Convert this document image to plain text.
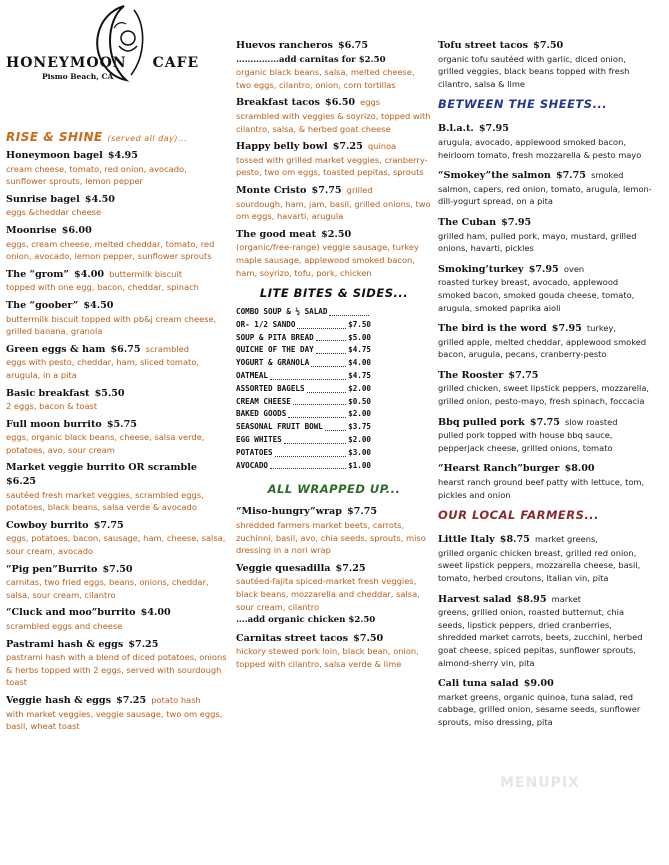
HONEYMOON CAFE
Pismo Beach, CA
RISE & SHINE (served all day)...
Honeymoon bagel $4.95
cream cheese, tomato, red onion, avocado, sunflower sprouts, lemon pepper
Sunrise bagel $4.50
eggs &cheddar cheese
Moonrise $6.00
eggs, cream cheese, melted cheddar, tomato, red onion, avocado, lemon pepper, sunflower sprouts
The “grom” $4.00 buttermilk biscuit
topped with one egg, bacon, cheddar, spinach
The “goober” $4.50
buttermilk biscuit topped with pb&j cream cheese, grilled banana, granola
Green eggs & ham $6.75 scrambled
eggs with pesto, cheddar, ham, sliced tomato, arugula, in a pita
Basic breakfast $5.50
2 eggs, bacon & toast
Full moon burrito $5.75
eggs, organic black beans, cheese, salsa verde, potatoes, avo, sour cream
Market veggie burrito OR scramble $6.25
sautéed fresh market veggies, scrambled eggs, potatoes, black beans, salsa verde & avocado
Cowboy burrito $7.75
eggs, potatoes, bacon, sausage, ham, cheese, salsa, sour cream, avocado
“Pig pen”Burrito $7.50
carnitas, two fried eggs, beans, onions, cheddar, salsa, sour cream, cilantro
“Cluck and moo”burrito $4.00
scrambled eggs and cheese
Pastrami hash & eggs $7.25
pastrami hash with a blend of diced potatoes, onions & herbs topped with 2 eggs, served with sourdough toast
Veggie hash & eggs $7.25 potato hash
with market veggies, veggie sausage, two om eggs, basil, wheat toast
Huevos rancheros $6.75
……………add carnitas for $2.50
organic black beans, salsa, melted cheese, two eggs, cilantro, onion, corn tortillas
Breakfast tacos $6.50 eggs
scrambled with veggies & soyrizo, topped with cilantro, salsa, & herbed goat cheese
Happy belly bowl $7.25 quinoa
tossed with grilled market veggies, cranberry-pesto, two om eggs, toasted pepitas, sprouts
Monte Cristo $7.75 grilled
sourdough, ham, jam, basil, grilled onions, two om eggs, havarti, arugula
The good meat $2.50
(organic/free-range) veggie sausage, turkey maple sausage, applewood smoked bacon, ham, soyrizo, tofu, pork, chicken
LITE BITES & SIDES...
COMBO SOUP & ½ SALAD
OR- 1/2 SANDO	$7.50
SOUP & PITA BREAD	$5.00
QUICHE OF THE DAY	$4.75
YOGURT & GRANOLA	$4.00
OATMEAL	$4.75
ASSORTED BAGELS	$2.00
CREAM CHEESE	$0.50
BAKED GOODS	$2.00
SEASONAL FRUIT BOWL	$3.75
EGG WHITES	$2.00
POTATOES	$3.00
AVOCADO	$1.00
ALL WRAPPED UP...
“Miso-hungry”wrap $7.75
shredded farmers market beets, carrots, zuchinni, basil, avo, chia seeds, sprouts, miso dressing in a nori wrap
Veggie quesadilla $7.25
sautéed-fajita spiced-market fresh veggies, black beans, mozzarella and cheddar, salsa, sour cream, cilantro
….add organic chicken $2.50
Carnitas street tacos $7.50
hickory stewed pork loin, black bean, onion, topped with cilantro, salsa verde & lime
Tofu street tacos $7.50
organic tofu sautéed with garlic, diced onion, grilled veggies, black beans topped with fresh cilantro, salsa & lime
BETWEEN THE SHEETS...
B.l.a.t. $7.95
arugula, avocado, applewood smoked bacon, heirloom tomato, fresh mozzarella & pesto mayo
“Smokey”the salmon $7.75 smoked
salmon, capers, red onion, tomato, arugula, lemon-dill-yogurt spread, on a pita
The Cuban $7.95
grilled ham, pulled pork, mayo, mustard, grilled onions, havarti, pickles
Smoking’turkey $7.95 oven
roasted turkey breast, avocado, applewood smoked bacon, smoked gouda cheese, tomato, arugula, smoked paprika aioli
The bird is the word $7.95 turkey,
grilled apple, melted cheddar, applewood smoked bacon, arugula, pecans, cranberry-pesto
The Rooster $7.75
grilled chicken, sweet lipstick peppers, mozzarella, grilled onion, pesto-mayo, fresh spinach, foccacia
Bbq pulled pork $7.75 slow roasted
pulled pork topped with house bbq sauce, pepperjack cheese, grilled onions, tomato
“Hearst Ranch”burger $8.00
hearst ranch ground beef patty with lettuce, tom, pickles and onion
OUR LOCAL FARMERS...
Little Italy $8.75 market greens,
grilled organic chicken breast, grilled red onion, sweet lipstick peppers, mozzarella cheese, basil, tomato, herbed croutons, Italian vin, pita
Harvest salad $8.95 market
greens, grilled onion, roasted butternut, chia seeds, lipstick peppers, dried cranberries, shredded market carrots, beets, zucchini, herbed goat cheese, spiced pepitas, sunflower sprouts, almond-sherry vin, pita
Cali tuna salad $9.00
market greens, organic quinoa, tuna salad, red cabbage, grilled onion, sesame seeds, sunflower sprouts, miso dressing, pita
MENUPIX
